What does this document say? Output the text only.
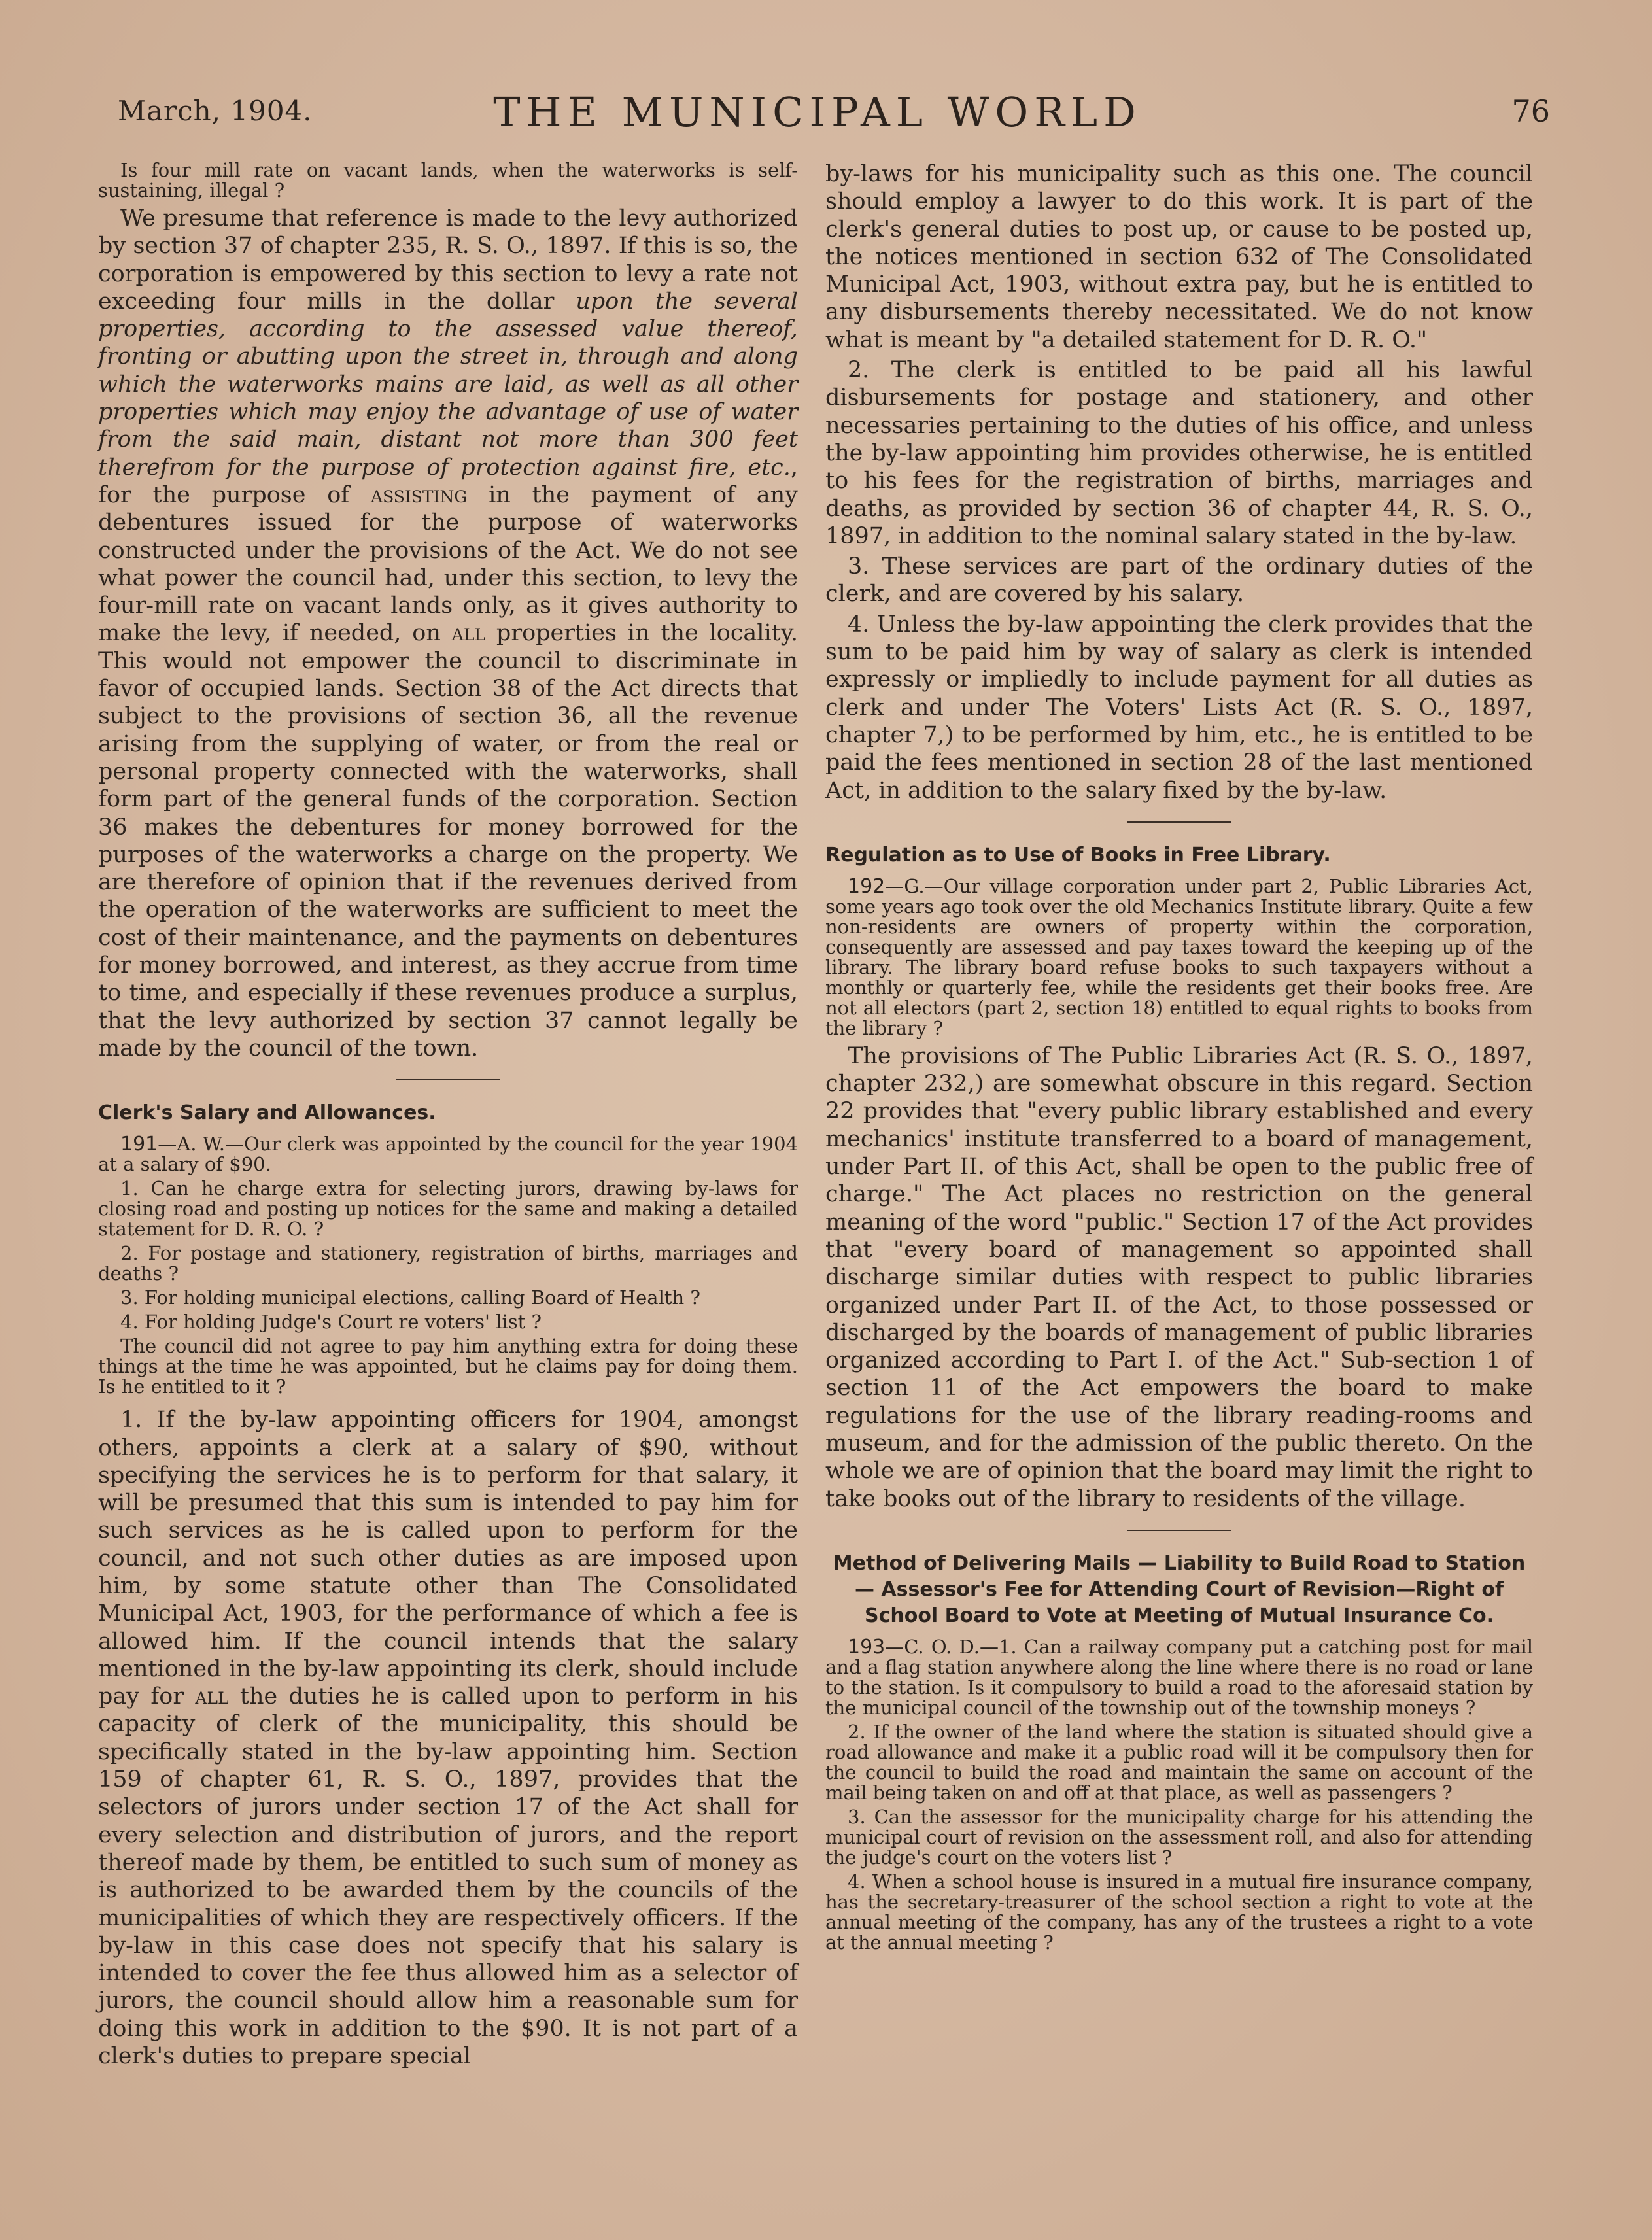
March, 1904.	THE MUNICIPAL WORLD	76

Is four mill rate on vacant lands, when the waterworks is self-sustaining, illegal ?

We presume that reference is made to the levy authorized by section 37 of chapter 235, R. S. O., 1897. If this is so, the corporation is empowered by this section to levy a rate not exceeding four mills in the dollar upon the several properties, according to the assessed value thereof, fronting or abutting upon the street in, through and along which the waterworks mains are laid, as well as all other properties which may enjoy the advantage of use of water from the said main, distant not more than 300 feet therefrom for the purpose of protection against fire, etc., for the purpose of assisting in the payment of any debentures issued for the purpose of waterworks constructed under the provisions of the Act. We do not see what power the council had, under this section, to levy the four-mill rate on vacant lands only, as it gives authority to make the levy, if needed, on all properties in the locality. This would not empower the council to discriminate in favor of occupied lands. Section 38 of the Act directs that subject to the provisions of section 36, all the revenue arising from the supplying of water, or from the real or personal property connected with the waterworks, shall form part of the general funds of the corporation. Section 36 makes the debentures for money borrowed for the purposes of the waterworks a charge on the property. We are therefore of opinion that if the revenues derived from the operation of the waterworks are sufficient to meet the cost of their maintenance, and the payments on debentures for money borrowed, and interest, as they accrue from time to time, and especially if these revenues produce a surplus, that the levy authorized by section 37 cannot legally be made by the council of the town.

Clerk's Salary and Allowances.

191—A. W.—Our clerk was appointed by the council for the year 1904 at a salary of $90.

1. Can he charge extra for selecting jurors, drawing by-laws for closing road and posting up notices for the same and making a detailed statement for D. R. O. ?

2. For postage and stationery, registration of births, marriages and deaths ?

3. For holding municipal elections, calling Board of Health ?

4. For holding Judge's Court re voters' list ?

The council did not agree to pay him anything extra for doing these things at the time he was appointed, but he claims pay for doing them. Is he entitled to it ?

1. If the by-law appointing officers for 1904, amongst others, appoints a clerk at a salary of $90, without specifying the services he is to perform for that salary, it will be presumed that this sum is intended to pay him for such services as he is called upon to perform for the council, and not such other duties as are imposed upon him, by some statute other than The Consolidated Municipal Act, 1903, for the performance of which a fee is allowed him. If the council intends that the salary mentioned in the by-law appointing its clerk, should include pay for all the duties he is called upon to perform in his capacity of clerk of the municipality, this should be specifically stated in the by-law appointing him. Section 159 of chapter 61, R. S. O., 1897, provides that the selectors of jurors under section 17 of the Act shall for every selection and distribution of jurors, and the report thereof made by them, be entitled to such sum of money as is authorized to be awarded them by the councils of the municipalities of which they are respectively officers. If the by-law in this case does not specify that his salary is intended to cover the fee thus allowed him as a selector of jurors, the council should allow him a reasonable sum for doing this work in addition to the $90. It is not part of a clerk's duties to prepare special

by-laws for his municipality such as this one. The council should employ a lawyer to do this work. It is part of the clerk's general duties to post up, or cause to be posted up, the notices mentioned in section 632 of The Consolidated Municipal Act, 1903, without extra pay, but he is entitled to any disbursements thereby necessitated. We do not know what is meant by "a detailed statement for D. R. O."

2. The clerk is entitled to be paid all his lawful disbursements for postage and stationery, and other necessaries pertaining to the duties of his office, and unless the by-law appointing him provides otherwise, he is entitled to his fees for the registration of births, marriages and deaths, as provided by section 36 of chapter 44, R. S. O., 1897, in addition to the nominal salary stated in the by-law.

3. These services are part of the ordinary duties of the clerk, and are covered by his salary.

4. Unless the by-law appointing the clerk provides that the sum to be paid him by way of salary as clerk is intended expressly or impliedly to include payment for all duties as clerk and under The Voters' Lists Act (R. S. O., 1897, chapter 7,) to be performed by him, etc., he is entitled to be paid the fees mentioned in section 28 of the last mentioned Act, in addition to the salary fixed by the by-law.

Regulation as to Use of Books in Free Library.

192—G.—Our village corporation under part 2, Public Libraries Act, some years ago took over the old Mechanics Institute library. Quite a few non-residents are owners of property within the corporation, consequently are assessed and pay taxes toward the keeping up of the library. The library board refuse books to such taxpayers without a monthly or quarterly fee, while the residents get their books free. Are not all electors (part 2, section 18) entitled to equal rights to books from the library ?

The provisions of The Public Libraries Act (R. S. O., 1897, chapter 232,) are somewhat obscure in this regard. Section 22 provides that "every public library established and every mechanics' institute transferred to a board of management, under Part II. of this Act, shall be open to the public free of charge." The Act places no restriction on the general meaning of the word "public." Section 17 of the Act provides that "every board of management so appointed shall discharge similar duties with respect to public libraries organized under Part II. of the Act, to those possessed or discharged by the boards of management of public libraries organized according to Part I. of the Act." Sub-section 1 of section 11 of the Act empowers the board to make regulations for the use of the library reading-rooms and museum, and for the admission of the public thereto. On the whole we are of opinion that the board may limit the right to take books out of the library to residents of the village.

Method of Delivering Mails — Liability to Build Road to Station— Assessor's Fee for Attending Court of Revision—Right of School Board to Vote at Meeting of Mutual Insurance Co.

193—C. O. D.—1. Can a railway company put a catching post for mail and a flag station anywhere along the line where there is no road or lane to the station. Is it compulsory to build a road to the aforesaid station by the municipal council of the township out of the township moneys ?

2. If the owner of the land where the station is situated should give a road allowance and make it a public road will it be compulsory then for the council to build the road and maintain the same on account of the mail being taken on and off at that place, as well as passengers ?

3. Can the assessor for the municipality charge for his attending the municipal court of revision on the assessment roll, and also for attending the judge's court on the voters list ?

4. When a school house is insured in a mutual fire insurance company, has the secretary-treasurer of the school section a right to vote at the annual meeting of the company, has any of the trustees a right to a vote at the annual meeting ?
